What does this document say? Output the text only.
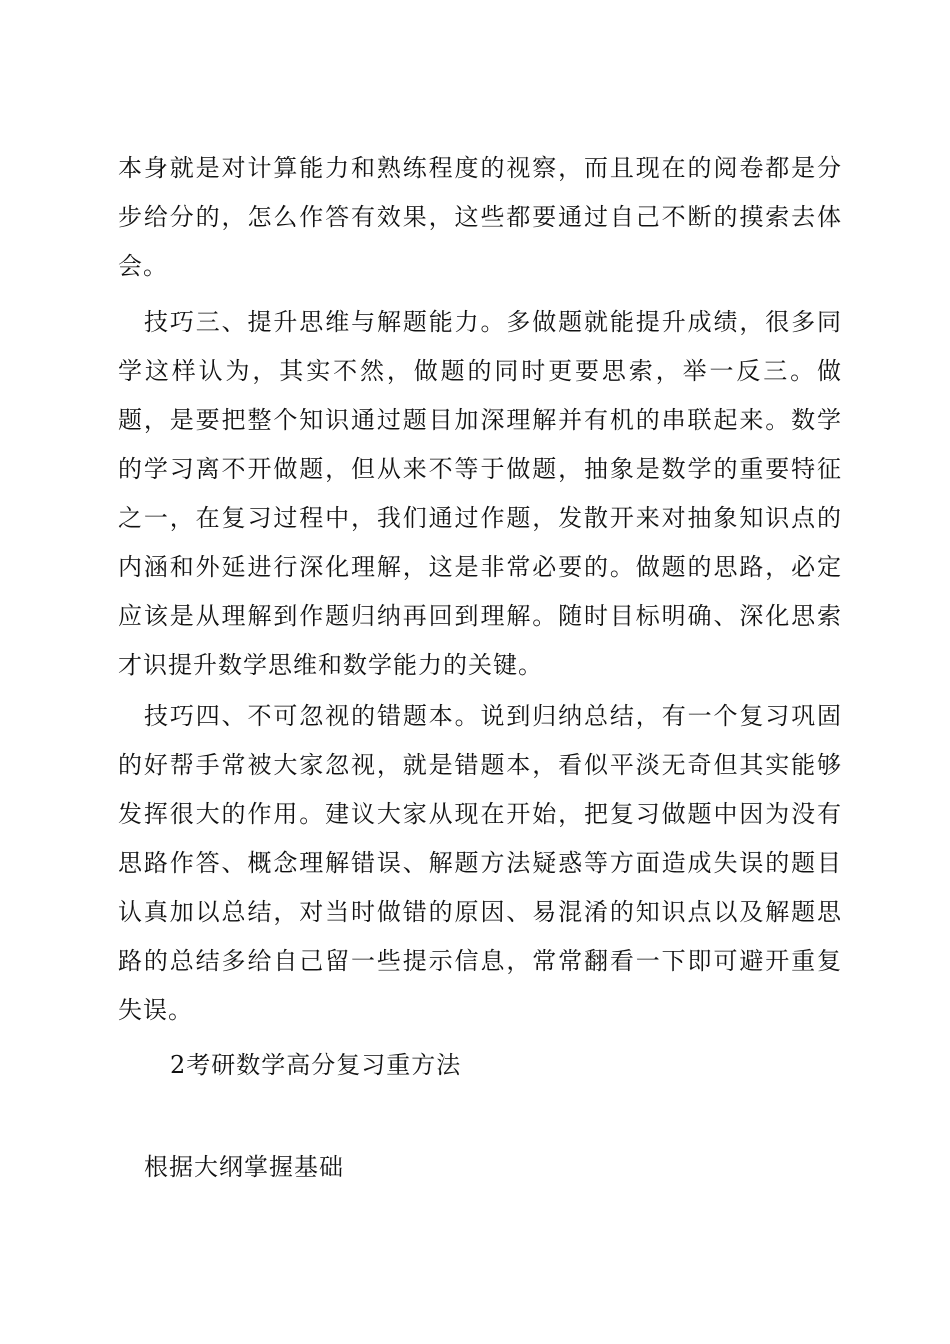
本身就是对计算能力和熟练程度的视察，而且现在的阅卷都是分步给分的，怎么作答有效果，这些都要通过自己不断的摸索去体会。

技巧三、提升思维与解题能力。多做题就能提升成绩，很多同学这样认为，其实不然，做题的同时更要思索，举一反三。做题，是要把整个知识通过题目加深理解并有机的串联起来。数学的学习离不开做题，但从来不等于做题，抽象是数学的重要特征之一，在复习过程中，我们通过作题，发散开来对抽象知识点的内涵和外延进行深化理解，这是非常必要的。做题的思路，必定应该是从理解到作题归纳再回到理解。随时目标明确、深化思索才识提升数学思维和数学能力的关键。

技巧四、不可忽视的错题本。说到归纳总结，有一个复习巩固的好帮手常被大家忽视，就是错题本，看似平淡无奇但其实能够发挥很大的作用。建议大家从现在开始，把复习做题中因为没有思路作答、概念理解错误、解题方法疑惑等方面造成失误的题目认真加以总结，对当时做错的原因、易混淆的知识点以及解题思路的总结多给自己留一些提示信息，常常翻看一下即可避开重复失误。

2考研数学高分复习重方法
根据大纲掌握基础
